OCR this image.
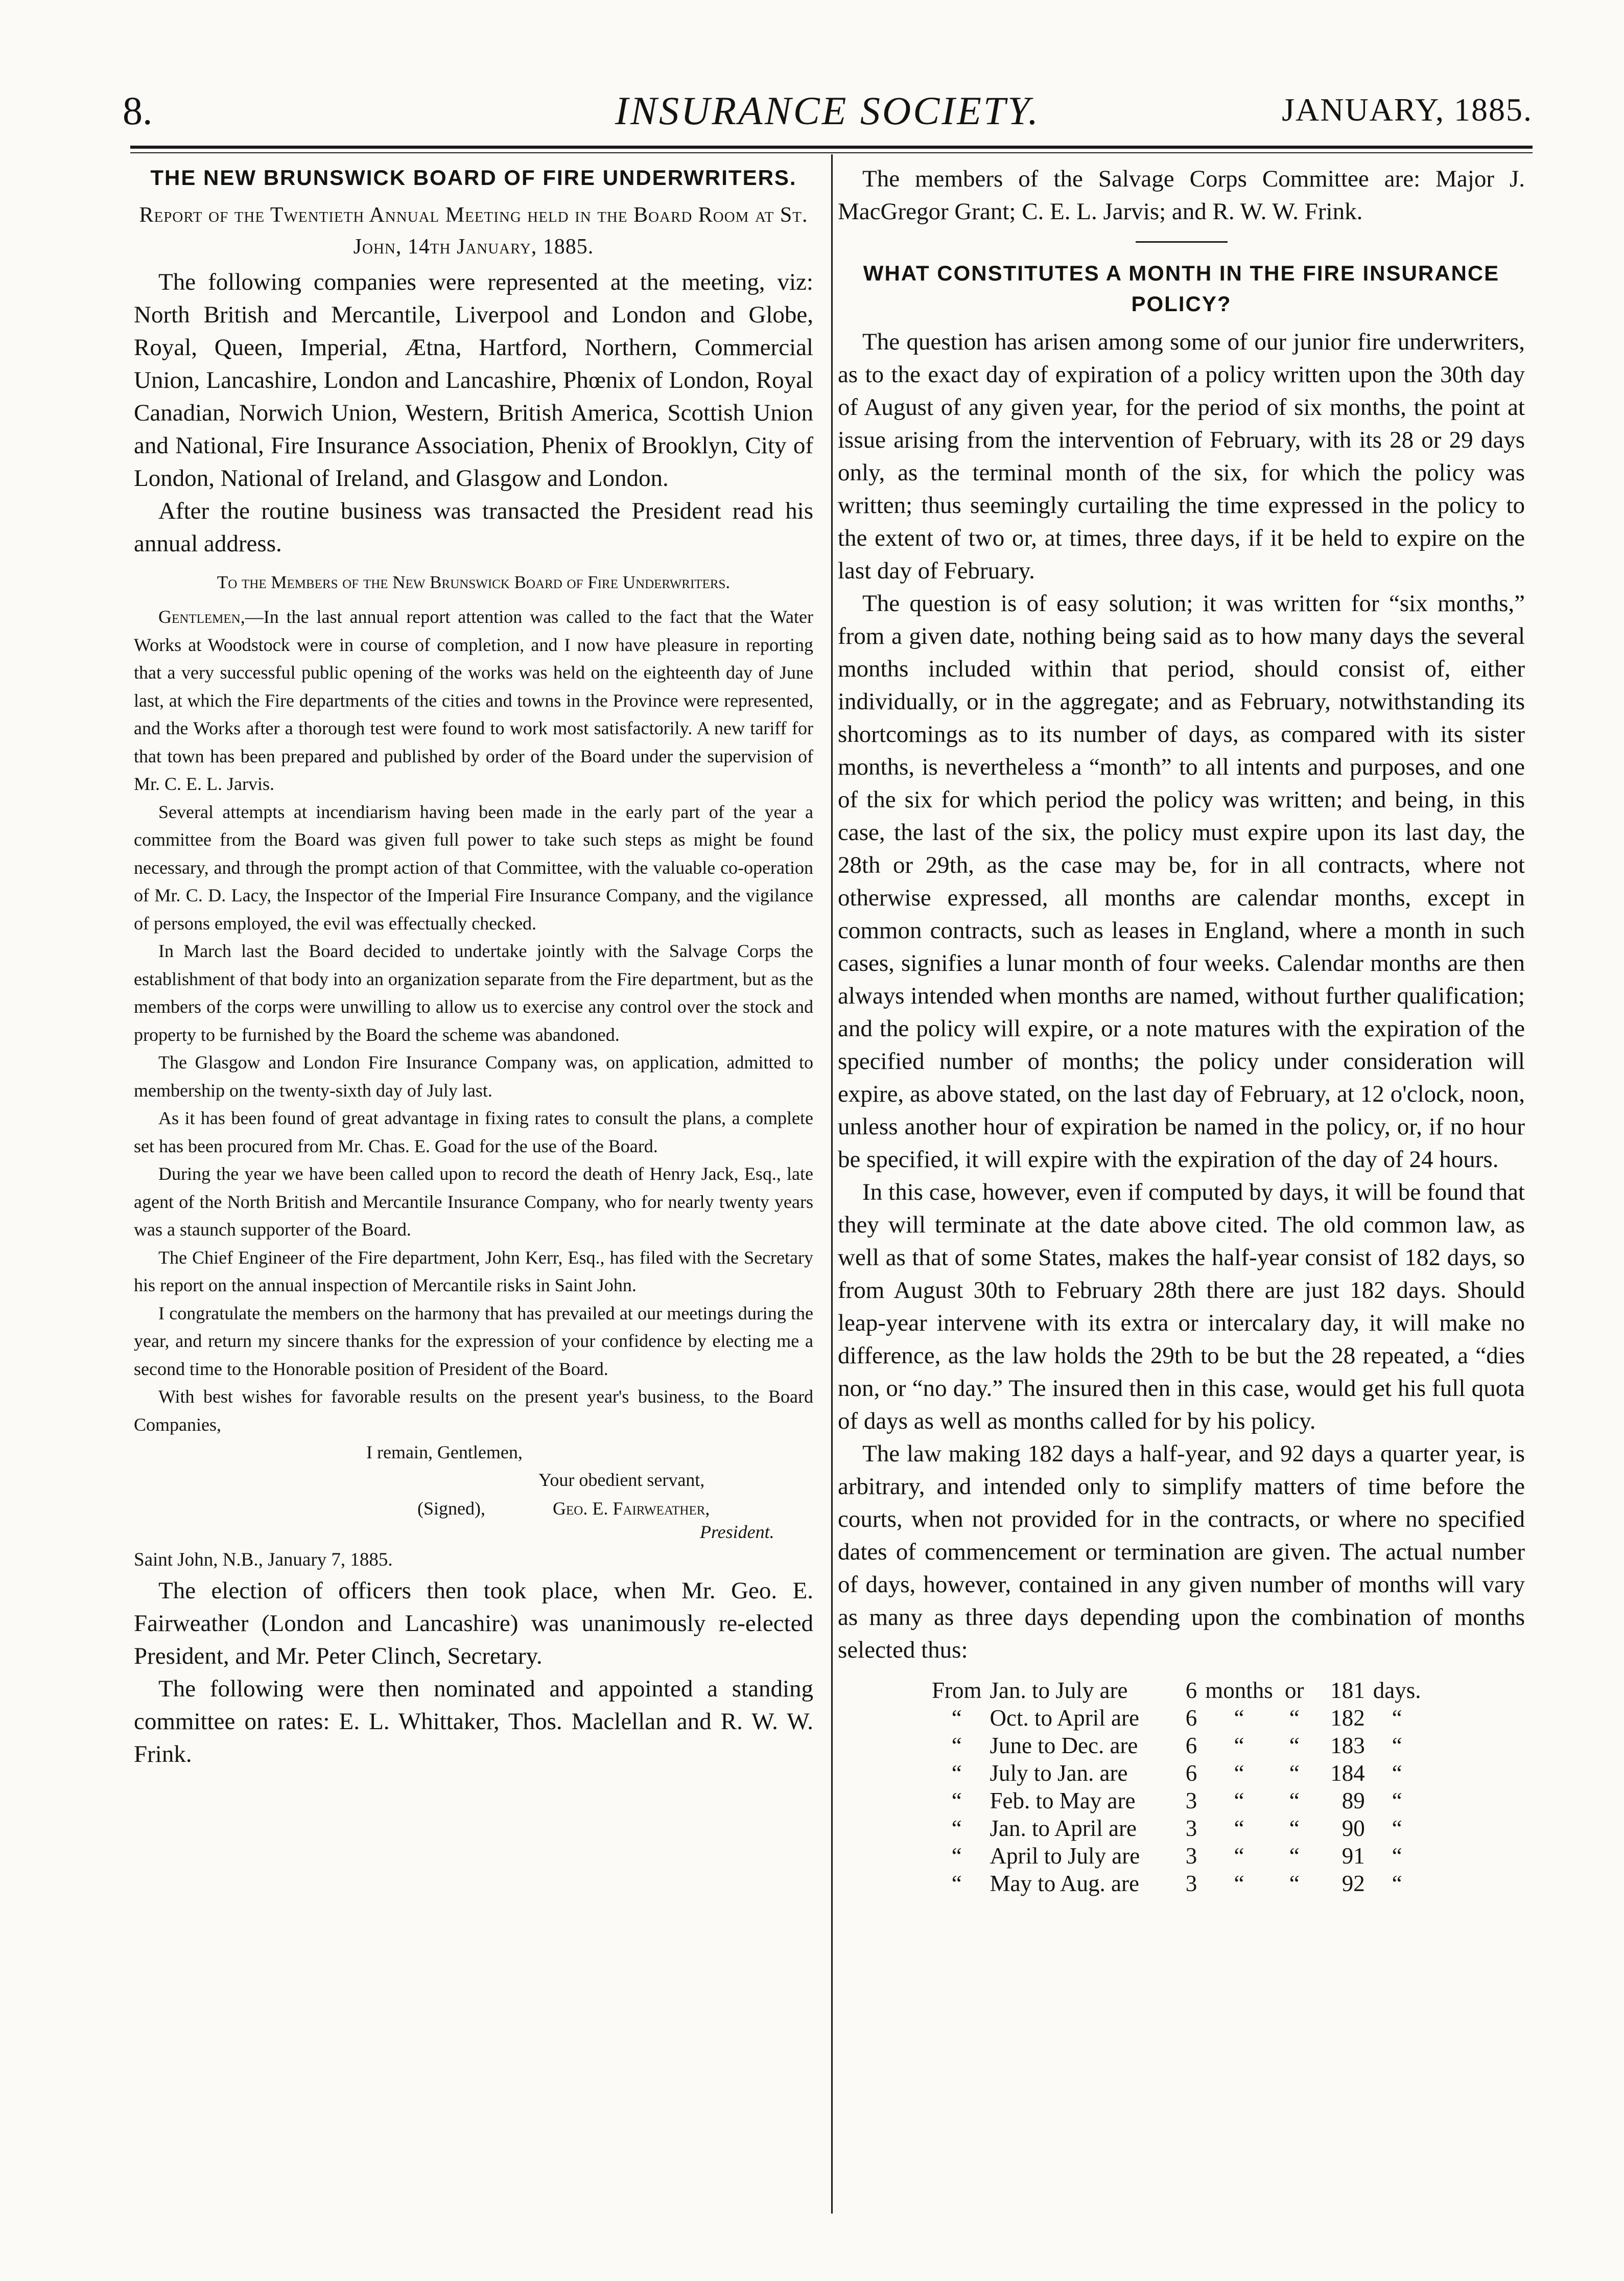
8.	INSURANCE SOCIETY.	JANUARY, 1885.
THE NEW BRUNSWICK BOARD OF FIRE UNDERWRITERS.
Report of the Twentieth Annual Meeting held in the Board Room at St. John, 14th January, 1885.

The following companies were represented at the meeting, viz: North British and Mercantile, Liverpool and London and Globe, Royal, Queen, Imperial, Ætna, Hartford, Northern, Commercial Union, Lancashire, London and Lancashire, Phœnix of London, Royal Canadian, Norwich Union, Western, British America, Scottish Union and National, Fire Insurance Association, Phenix of Brooklyn, City of London, National of Ireland, and Glasgow and London.

After the routine business was transacted the President read his annual address.

To the Members of the New Brunswick Board of Fire Underwriters.

Gentlemen,—In the last annual report attention was called to the fact that the Water Works at Woodstock were in course of completion, and I now have pleasure in reporting that a very successful public opening of the works was held on the eighteenth day of June last, at which the Fire departments of the cities and towns in the Province were represented, and the Works after a thorough test were found to work most satisfactorily. A new tariff for that town has been prepared and published by order of the Board under the supervision of Mr. C. E. L. Jarvis.

Several attempts at incendiarism having been made in the early part of the year a committee from the Board was given full power to take such steps as might be found necessary, and through the prompt action of that Committee, with the valuable co-operation of Mr. C. D. Lacy, the Inspector of the Imperial Fire Insurance Company, and the vigilance of persons employed, the evil was effectually checked.

In March last the Board decided to undertake jointly with the Salvage Corps the establishment of that body into an organization separate from the Fire department, but as the members of the corps were unwilling to allow us to exercise any control over the stock and property to be furnished by the Board the scheme was abandoned.

The Glasgow and London Fire Insurance Company was, on application, admitted to membership on the twenty-sixth day of July last.

As it has been found of great advantage in fixing rates to consult the plans, a complete set has been procured from Mr. Chas. E. Goad for the use of the Board.

During the year we have been called upon to record the death of Henry Jack, Esq., late agent of the North British and Mercantile Insurance Company, who for nearly twenty years was a staunch supporter of the Board.

The Chief Engineer of the Fire department, John Kerr, Esq., has filed with the Secretary his report on the annual inspection of Mercantile risks in Saint John.

I congratulate the members on the harmony that has prevailed at our meetings during the year, and return my sincere thanks for the expression of your confidence by electing me a second time to the Honorable position of President of the Board.

With best wishes for favorable results on the present year's business, to the Board Companies,

I remain, Gentlemen,
Your obedient servant,
(Signed),	Geo. E. Fairweather,
President.

Saint John, N.B., January 7, 1885.

The election of officers then took place, when Mr. Geo. E. Fairweather (London and Lancashire) was unanimously re-elected President, and Mr. Peter Clinch, Secretary.

The following were then nominated and appointed a standing committee on rates: E. L. Whittaker, Thos. Maclellan and R. W. W. Frink.

The members of the Salvage Corps Committee are: Major J. MacGregor Grant; C. E. L. Jarvis; and R. W. W. Frink.

WHAT CONSTITUTES A MONTH IN THE FIRE INSURANCE POLICY?

The question has arisen among some of our junior fire underwriters, as to the exact day of expiration of a policy written upon the 30th day of August of any given year, for the period of six months, the point at issue arising from the intervention of February, with its 28 or 29 days only, as the terminal month of the six, for which the policy was written; thus seemingly curtailing the time expressed in the policy to the extent of two or, at times, three days, if it be held to expire on the last day of February.

The question is of easy solution; it was written for “six months,” from a given date, nothing being said as to how many days the several months included within that period, should consist of, either individually, or in the aggregate; and as February, notwithstanding its shortcomings as to its number of days, as compared with its sister months, is nevertheless a “month” to all intents and purposes, and one of the six for which period the policy was written; and being, in this case, the last of the six, the policy must expire upon its last day, the 28th or 29th, as the case may be, for in all contracts, where not otherwise expressed, all months are calendar months, except in common contracts, such as leases in England, where a month in such cases, signifies a lunar month of four weeks. Calendar months are then always intended when months are named, without further qualification; and the policy will expire, or a note matures with the expiration of the specified number of months; the policy under consideration will expire, as above stated, on the last day of February, at 12 o'clock, noon, unless another hour of expiration be named in the policy, or, if no hour be specified, it will expire with the expiration of the day of 24 hours.

In this case, however, even if computed by days, it will be found that they will terminate at the date above cited. The old common law, as well as that of some States, makes the half-year consist of 182 days, so from August 30th to February 28th there are just 182 days. Should leap-year intervene with its extra or intercalary day, it will make no difference, as the law holds the 29th to be but the 28 repeated, a “dies non, or “no day.” The insured then in this case, would get his full quota of days as well as months called for by his policy.

The law making 182 days a half-year, and 92 days a quarter year, is arbitrary, and intended only to simplify matters of time before the courts, when not provided for in the contracts, or where no specified dates of commencement or termination are given. The actual number of days, however, contained in any given number of months will vary as many as three days depending upon the combination of months selected thus:

From	Jan. to July are	6	months	or	181	days.
“	Oct. to April are	6	“	“	182	“
“	June to Dec. are	6	“	“	183	“
“	July to Jan. are	6	“	“	184	“
“	Feb. to May are	3	“	“	89	“
“	Jan. to April are	3	“	“	90	“
“	April to July are	3	“	“	91	“
“	May to Aug. are	3	“	“	92	“
